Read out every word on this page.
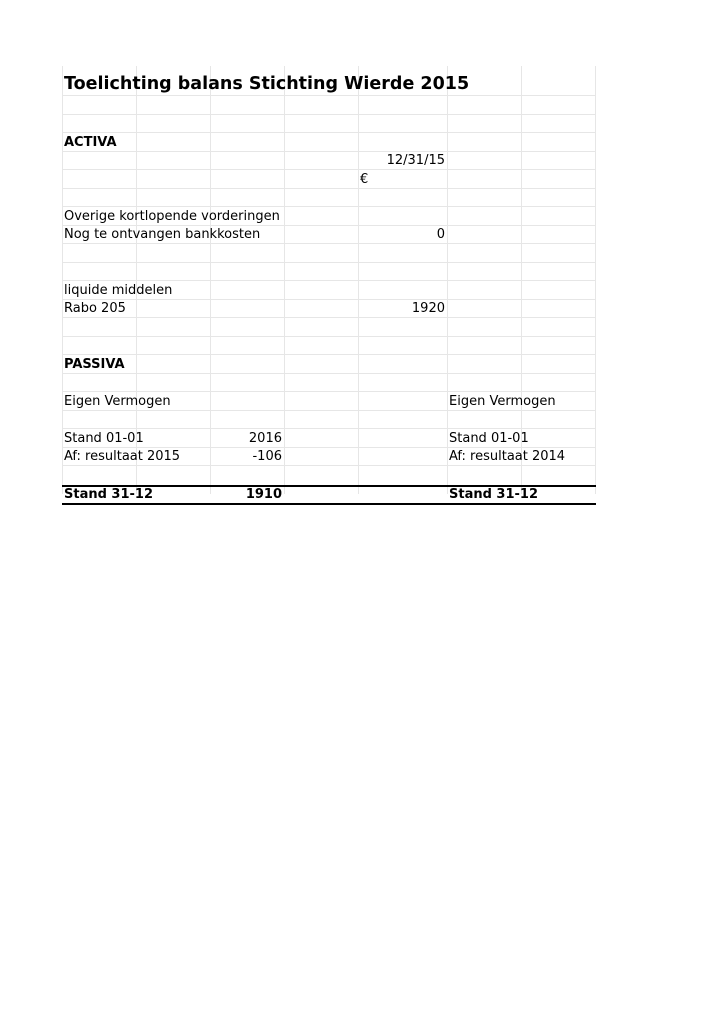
Toelichting balans Stichting Wierde 2015
ACTIVA
12/31/15
€
Overige kortlopende vorderingen
Nog te ontvangen bankkosten	0
liquide middelen
Rabo 205	1920
PASSIVA
Eigen Vermogen	Eigen Vermogen
Stand 01-01	2016	Stand 01-01
Af: resultaat 2015	-106	Af: resultaat 2014
Stand 31-12	1910	Stand 31-12
